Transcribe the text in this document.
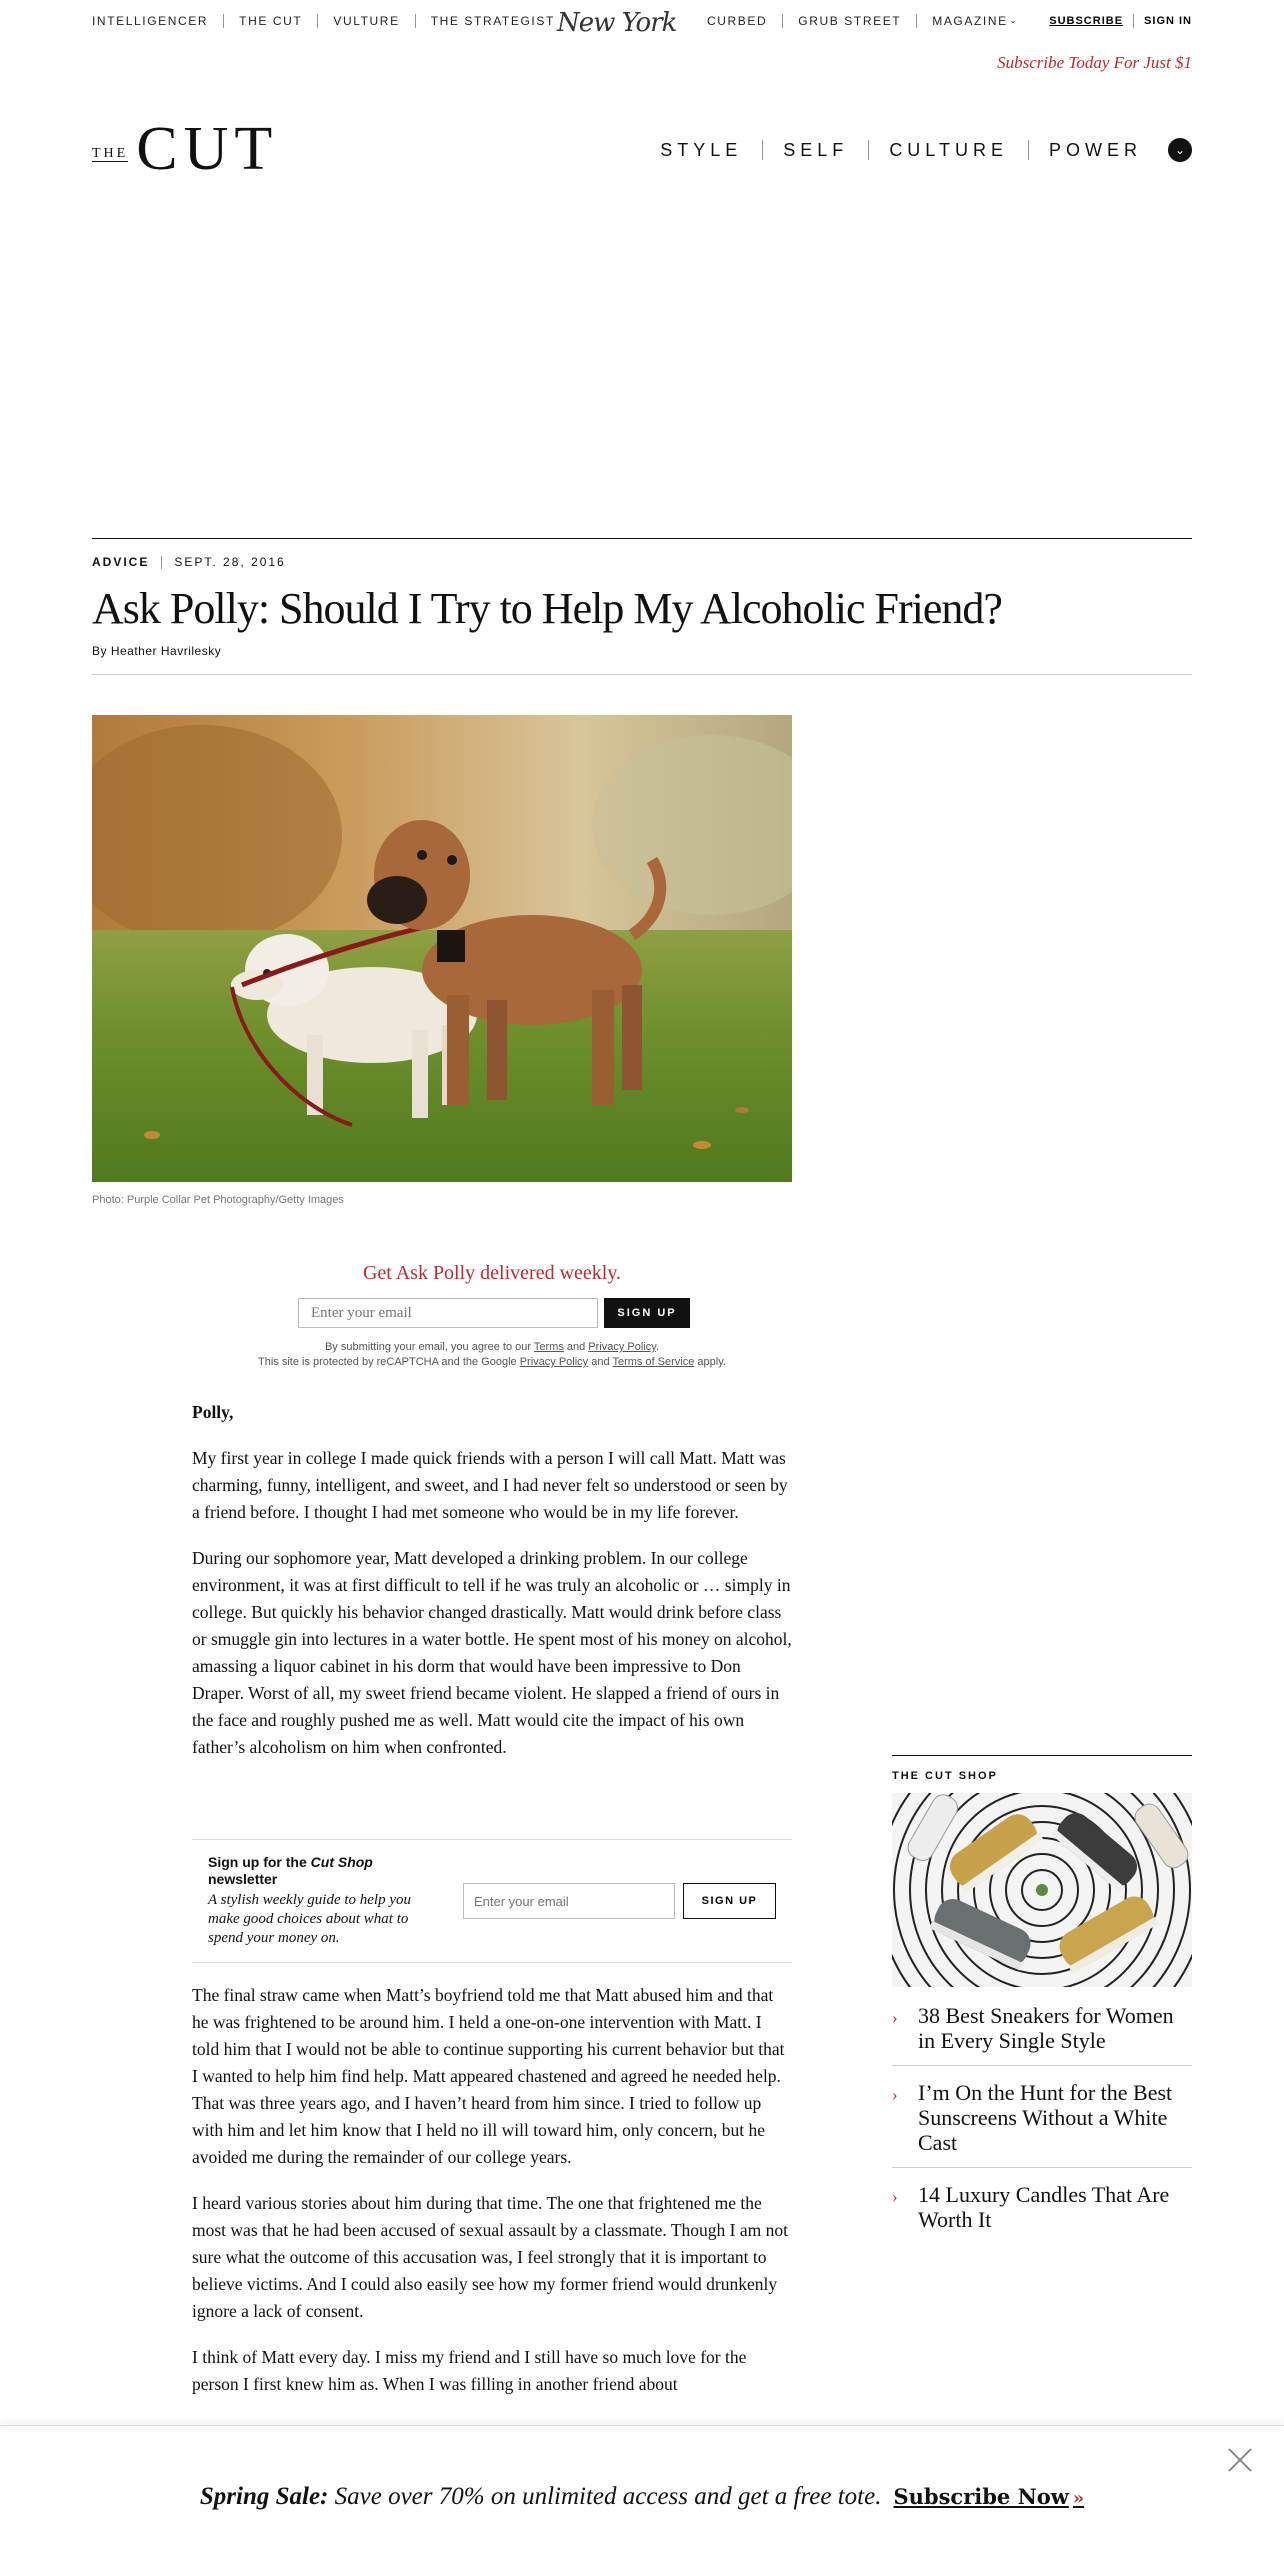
INTELLIGENCER	THE CUT	VULTURE	THE STRATEGIST New York	CURBED	GRUB STREET	MAGAZINE ⌄	SUBSCRIBE	SIGN IN
Subscribe Today For Just $1
THE CUT	STYLE	SELF	CULTURE	POWER	⌄
ADVICE	SEPT. 28, 2016
Ask Polly: Should I Try to Help My Alcoholic Friend?
By Heather Havrilesky
Photo: Purple Collar Pet Photography/Getty Images
Get Ask Polly delivered weekly.
Enter your email
SIGN UP
By submitting your email, you agree to our Terms and Privacy Policy.
This site is protected by reCAPTCHA and the Google Privacy Policy and Terms of Service apply.

Polly,

My first year in college I made quick friends with a person I will call Matt. Matt was charming, funny, intelligent, and sweet, and I had never felt so understood or seen by a friend before. I thought I had met someone who would be in my life forever.

During our sophomore year, Matt developed a drinking problem. In our college environment, it was at first difficult to tell if he was truly an alcoholic or … simply in college. But quickly his behavior changed drastically. Matt would drink before class or smuggle gin into lectures in a water bottle. He spent most of his money on alcohol, amassing a liquor cabinet in his dorm that would have been impressive to Don Draper. Worst of all, my sweet friend became violent. He slapped a friend of ours in the face and roughly pushed me as well. Matt would cite the impact of his own father’s alcoholism on him when confronted.

Sign up for the Cut Shop newsletter
A stylish weekly guide to help you make good choices about what to spend your money on.
Enter your email
SIGN UP

The final straw came when Matt’s boyfriend told me that Matt abused him and that he was frightened to be around him. I held a one-on-one intervention with Matt. I told him that I would not be able to continue supporting his current behavior but that I wanted to help him find help. Matt appeared chastened and agreed he needed help. That was three years ago, and I haven’t heard from him since. I tried to follow up with him and let him know that I held no ill will toward him, only concern, but he avoided me during the remainder of our college years.

I heard various stories about him during that time. The one that frightened me the most was that he had been accused of sexual assault by a classmate. Though I am not sure what the outcome of this accusation was, I feel strongly that it is important to believe victims. And I could also easily see how my former friend would drunkenly ignore a lack of consent.

I think of Matt every day. I miss my friend and I still have so much love for the person I first knew him as. When I was filling in another friend about

THE CUT SHOP
› 38 Best Sneakers for Women in Every Single Style
› I’m On the Hunt for the Best Sunscreens Without a White Cast
› 14 Luxury Candles That Are Worth It
Spring Sale: Save over 70% on unlimited access and get a free tote. Subscribe Now »
